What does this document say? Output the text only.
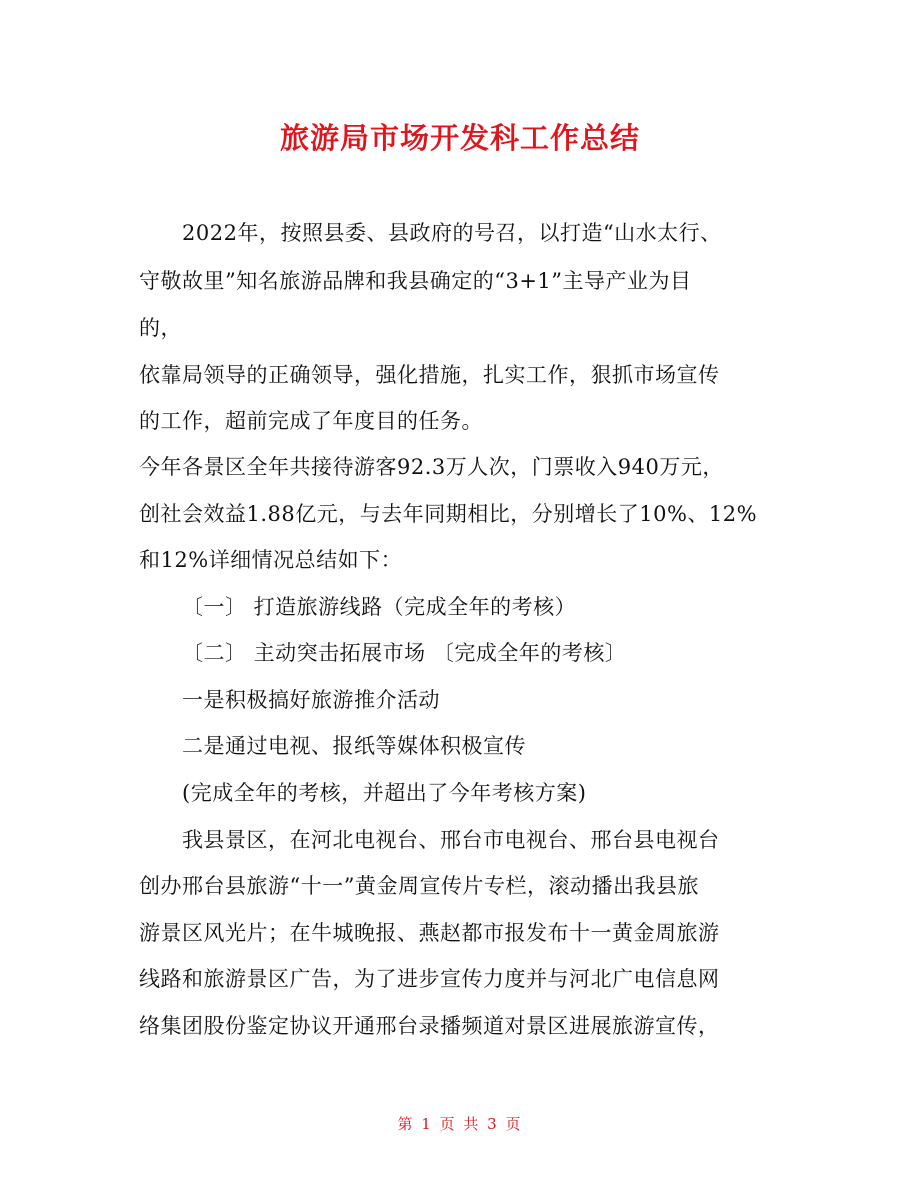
旅游局市场开发科工作总结
2022年，按照县委、县政府的号召，以打造“山水太行、
守敬故里”知名旅游品牌和我县确定的“3+1”主导产业为目
的，
依靠局领导的正确领导，强化措施，扎实工作，狠抓市场宣传
的工作，超前完成了年度目的任务。
今年各景区全年共接待游客92.3万人次，门票收入940万元，
创社会效益1.88亿元，与去年同期相比，分别增长了10%、12%
和12%详细情况总结如下：
〔一〕 打造旅游线路（完成全年的考核）
〔二〕 主动突击拓展市场 〔完成全年的考核〕
一是积极搞好旅游推介活动
二是通过电视、报纸等媒体积极宣传
(完成全年的考核，并超出了今年考核方案)
我县景区，在河北电视台、邢台市电视台、邢台县电视台
创办邢台县旅游“十一”黄金周宣传片专栏，滚动播出我县旅
游景区风光片；在牛城晚报、燕赵都市报发布十一黄金周旅游
线路和旅游景区广告，为了进步宣传力度并与河北广电信息网
络集团股份鉴定协议开通邢台录播频道对景区进展旅游宣传，
第 1 页 共 3 页
